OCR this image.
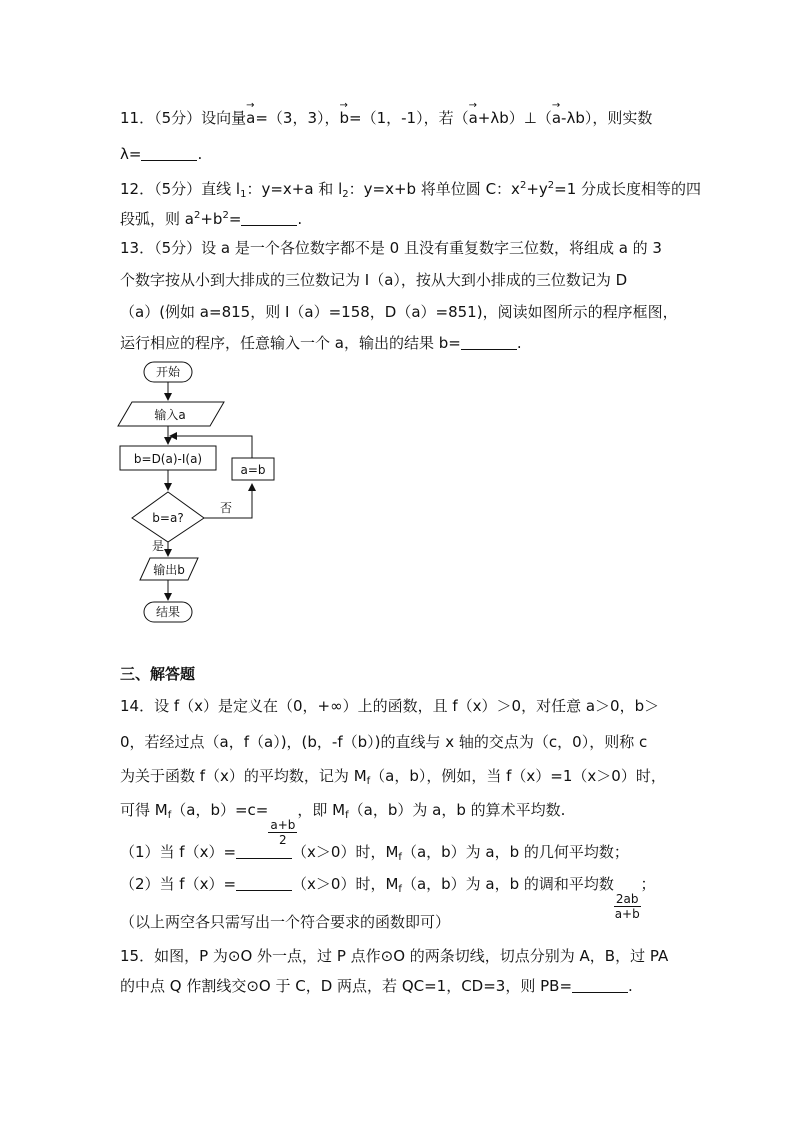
11．（5分）设向量→ a=（3，3），→ b=（1，-1），若（→ a+λb）⊥（→ a-λb），则实数
λ=	.
12．（5分）直线 $l_1$：y=x+a 和 $l_2$：y=x+b 将单位圆 C：$x^2+y^2=1$ 分成长度相等的四
段弧，则 $a^2+b^2=$	.
13．（5分）设 a 是一个各位数字都不是 0 且没有重复数字三位数，将组成 a 的 3
个数字按从小到大排成的三位数记为 I（a），按从大到小排成的三位数记为 D
（a）(例如 a=815，则 I（a）=158，D（a）=851)，阅读如图所示的程序框图，
运行相应的程序，任意输入一个 a，输出的结果 b=	.
开始
输入a
b=D(a)-I(a)
b=a?
否
a=b
是
输出b
结果
三、解答题
14．设 f（x）是定义在（0，+∞）上的函数，且 f（x）＞0，对任意 a＞0，b＞
0，若经过点（a，f（a）)，(b，-f（b）)的直线与 x 轴的交点为（c，0），则称 c
为关于函数 f（x）的平均数，记为 $M_f(a$，b），例如，当 f（x）=1（x＞0）时，
可得 $M_f(a$，b）=c=
$\frac{a+b}{2}$
，即 $M_f(a$，b）为 a，b 的算术平均数.
（1）当 f（x）=	（x＞0）时，$M_f(a$，b）为 a，b 的几何平均数；
（2）当 f（x）=	（x＞0）时，$M_f(a$，b）为 a，b 的调和平均数
$\frac{2ab}{a+b}$
；
（以上两空各只需写出一个符合要求的函数即可）
15．如图，P 为⊙O 外一点，过 P 点作⊙O 的两条切线，切点分别为 A，B，过 PA
的中点 Q 作割线交⊙O 于 C，D 两点，若 QC=1，CD=3，则 PB=	.
